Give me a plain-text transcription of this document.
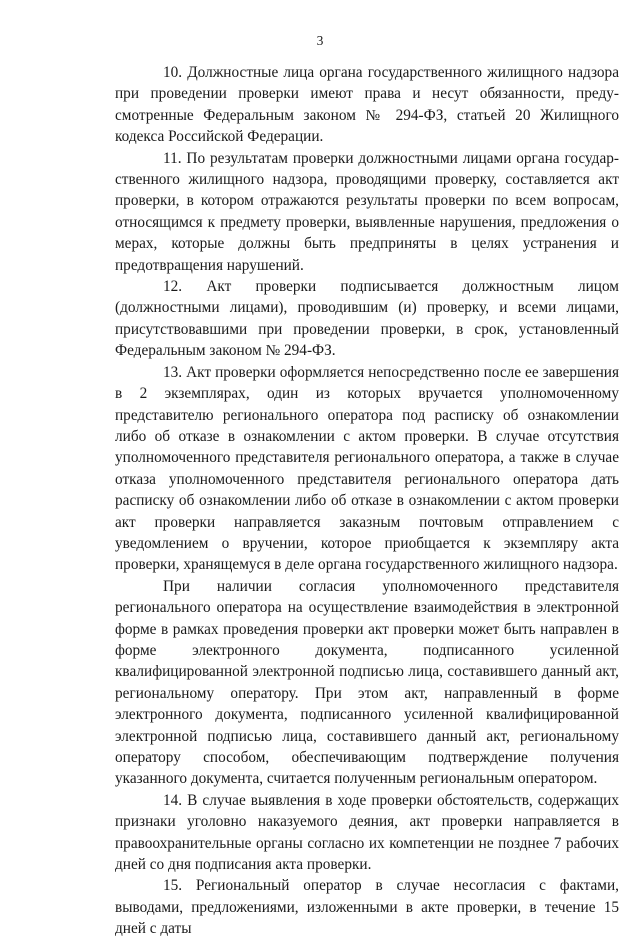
3

10. Должностные лица органа государственного жилищного надзора при проведении проверки имеют права и несут обязанности, предусмотренные Федеральным законом № 294-ФЗ, статьей 20 Жилищного кодекса Российской Федерации.

11. По результатам проверки должностными лицами органа государственного жилищного надзора, проводящими проверку, составляется акт проверки, в котором отражаются результаты проверки по всем вопросам, относящимся к предмету проверки, выявленные нарушения, предложения о мерах, которые должны быть предприняты в целях устранения и предотвращения нарушений.

12. Акт проверки подписывается должностным лицом (должностными лицами), проводившим (и) проверку, и всеми лицами, присутствовавшими при проведении проверки, в срок, установленный Федеральным законом № 294-ФЗ.

13. Акт проверки оформляется непосредственно после ее завершения в 2 экземплярах, один из которых вручается уполномоченному представителю регионального оператора под расписку об ознакомлении либо об отказе в ознакомлении с актом проверки. В случае отсутствия уполномоченного представителя регионального оператора, а также в случае отказа уполномоченного представителя регионального оператора дать расписку об ознакомлении либо об отказе в ознакомлении с актом проверки акт проверки направляется заказным почтовым отправлением с уведомлением о вручении, которое приобщается к экземпляру акта проверки, хранящемуся в деле органа государственного жилищного надзора.

При наличии согласия уполномоченного представителя регионального оператора на осуществление взаимодействия в электронной форме в рамках проведения проверки акт проверки может быть направлен в форме электронного документа, подписанного усиленной квалифицированной электронной подписью лица, составившего данный акт, региональному оператору. При этом акт, направленный в форме электронного документа, подписанного усиленной квалифицированной электронной подписью лица, составившего данный акт, региональному оператору способом, обеспечивающим подтверждение получения указанного документа, считается полученным региональным оператором.

14. В случае выявления в ходе проверки обстоятельств, содержащих признаки уголовно наказуемого деяния, акт проверки направляется в правоохранительные органы согласно их компетенции не позднее 7 рабочих дней со дня подписания акта проверки.

15. Региональный оператор в случае несогласия с фактами, выводами, предложениями, изложенными в акте проверки, в течение 15 дней с даты
